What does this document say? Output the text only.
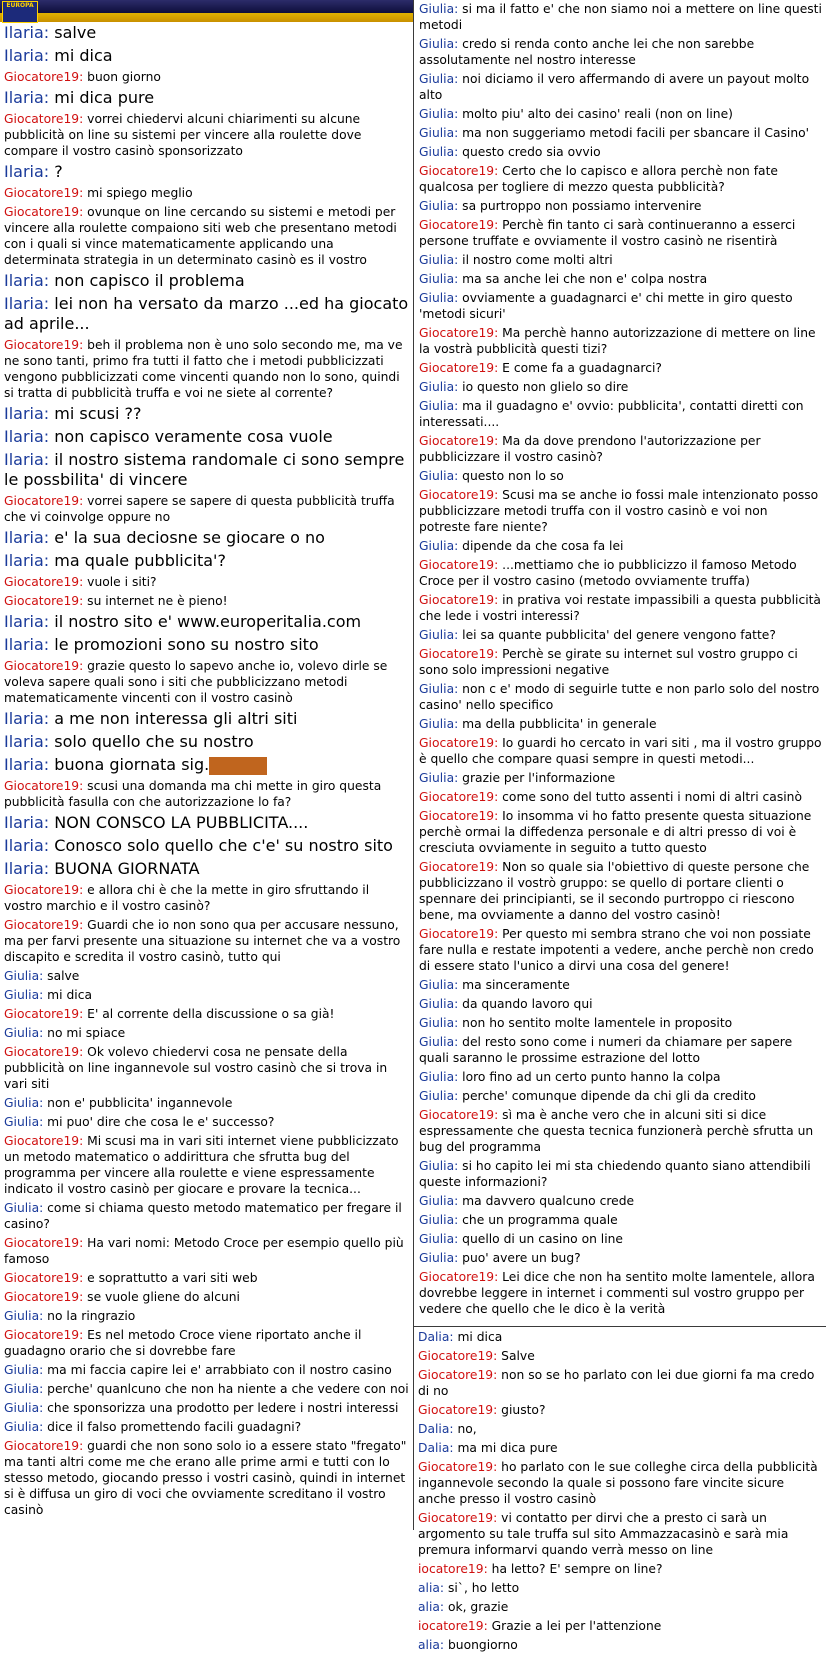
EUROPA
Ilaria: salve
Ilaria: mi dica
Giocatore19: buon giorno
Ilaria: mi dica pure
Giocatore19: vorrei chiedervi alcuni chiarimenti su alcune pubblicità on line su sistemi per vincere alla roulette dove compare il vostro casinò sponsorizzato
Ilaria: ?
Giocatore19: mi spiego meglio
Giocatore19: ovunque on line cercando su sistemi e metodi per vincere alla roulette compaiono siti web che presentano metodi con i quali si vince matematicamente applicando una determinata strategia in un determinato casinò es il vostro
Ilaria: non capisco il problema
Ilaria: lei non ha versato da marzo ...ed ha giocato ad aprile...
Giocatore19: beh il problema non è uno solo secondo me, ma ve ne sono tanti, primo fra tutti il fatto che i metodi pubblicizzati vengono pubblicizzati come vincenti quando non lo sono, quindi si tratta di pubblicità truffa e voi ne siete al corrente?
Ilaria: mi scusi ??
Ilaria: non capisco veramente cosa vuole
Ilaria: il nostro sistema randomale ci sono sempre le possbilita' di vincere
Giocatore19: vorrei sapere se sapere di questa pubblicità truffa che vi coinvolge oppure no
Ilaria: e' la sua deciosne se giocare o no
Ilaria: ma quale pubblicita'?
Giocatore19: vuole i siti?
Giocatore19: su internet ne è pieno!
Ilaria: il nostro sito e' www.europeritalia.com
Ilaria: le promozioni sono su nostro sito
Giocatore19: grazie questo lo sapevo anche io, volevo dirle se voleva sapere quali sono i siti che pubblicizzano metodi matematicamente vincenti con il vostro casinò
Ilaria: a me non interessa gli altri siti
Ilaria: solo quello che su nostro
Ilaria: buona giornata sig.
Giocatore19: scusi una domanda ma chi mette in giro questa pubblicità fasulla con che autorizzazione lo fa?
Ilaria: NON CONSCO LA PUBBLICITA....
Ilaria: Conosco solo quello che c'e' su nostro sito
Ilaria: BUONA GIORNATA
Giocatore19: e allora chi è che la mette in giro sfruttando il vostro marchio e il vostro casinò?
Giocatore19: Guardi che io non sono qua per accusare nessuno, ma per farvi presente una situazione su internet che va a vostro discapito e scredita il vostro casinò, tutto qui
Giulia: salve
Giulia: mi dica
Giocatore19: E' al corrente della discussione o sa già!
Giulia: no mi spiace
Giocatore19: Ok volevo chiedervi cosa ne pensate della pubblicità on line ingannevole sul vostro casinò che si trova in vari siti
Giulia: non e' pubblicita' ingannevole
Giulia: mi puo' dire che cosa le e' successo?
Giocatore19: Mi scusi ma in vari siti internet viene pubblicizzato un metodo matematico o addirittura che sfrutta bug del programma per vincere alla roulette e viene espressamente indicato il vostro casinò per giocare e provare la tecnica...
Giulia: come si chiama questo metodo matematico per fregare il casino?
Giocatore19: Ha vari nomi: Metodo Croce per esempio quello più famoso
Giocatore19: e soprattutto a vari siti web
Giocatore19: se vuole gliene do alcuni
Giulia: no la ringrazio
Giocatore19: Es nel metodo Croce viene riportato anche il guadagno orario che si dovrebbe fare
Giulia: ma mi faccia capire lei e' arrabbiato con il nostro casino
Giulia: perche' quanlcuno che non ha niente a che vedere con noi
Giulia: che sponsorizza una prodotto per ledere i nostri interessi
Giulia: dice il falso promettendo facili guadagni?
Giocatore19: guardi che non sono solo io a essere stato "fregato" ma tanti altri come me che erano alle prime armi e tutti con lo stesso metodo, giocando presso i vostri casinò, quindi in internet si è diffusa un giro di voci che ovviamente screditano il vostro casinò
Giulia: si ma il fatto e' che non siamo noi a mettere on line questi metodi
Giulia: credo si renda conto anche lei che non sarebbe assolutamente nel nostro interesse
Giulia: noi diciamo il vero affermando di avere un payout molto alto
Giulia: molto piu' alto dei casino' reali (non on line)
Giulia: ma non suggeriamo metodi facili per sbancare il Casino'
Giulia: questo credo sia ovvio
Giocatore19: Certo che lo capisco e allora perchè non fate qualcosa per togliere di mezzo questa pubblicità?
Giulia: sa purtroppo non possiamo intervenire
Giocatore19: Perchè fin tanto ci sarà continueranno a esserci persone truffate e ovviamente il vostro casinò ne risentirà
Giulia: il nostro come molti altri
Giulia: ma sa anche lei che non e' colpa nostra
Giulia: ovviamente a guadagnarci e' chi mette in giro questo 'metodi sicuri'
Giocatore19: Ma perchè hanno autorizzazione di mettere on line la vostrà pubblicità questi tizi?
Giocatore19: E come fa a guadagnarci?
Giulia: io questo non glielo so dire
Giulia: ma il guadagno e' ovvio: pubblicita', contatti diretti con interessati....
Giocatore19: Ma da dove prendono l'autorizzazione per pubblicizzare il vostro casinò?
Giulia: questo non lo so
Giocatore19: Scusi ma se anche io fossi male intenzionato posso pubblicizzare metodi truffa con il vostro casinò e voi non potreste fare niente?
Giulia: dipende da che cosa fa lei
Giocatore19: ...mettiamo che io pubblicizzo il famoso Metodo Croce per il vostro casino (metodo ovviamente truffa)
Giocatore19: in prativa voi restate impassibili a questa pubblicità che lede i vostri interessi?
Giulia: lei sa quante pubblicita' del genere vengono fatte?
Giocatore19: Perchè se girate su internet sul vostro gruppo ci sono solo impressioni negative
Giulia: non c e' modo di seguirle tutte e non parlo solo del nostro casino' nello specifico
Giulia: ma della pubblicita' in generale
Giocatore19: Io guardi ho cercato in vari siti , ma il vostro gruppo è quello che compare quasi sempre in questi metodi...
Giulia: grazie per l'informazione
Giocatore19: come sono del tutto assenti i nomi di altri casinò
Giocatore19: Io insomma vi ho fatto presente questa situazione perchè ormai la diffedenza personale e di altri presso di voi è cresciuta ovviamente in seguito a tutto questo
Giocatore19: Non so quale sia l'obiettivo di queste persone che pubblicizzano il vostrò gruppo: se quello di portare clienti o spennare dei principianti, se il secondo purtroppo ci riescono bene, ma ovviamente a danno del vostro casinò!
Giocatore19: Per questo mi sembra strano che voi non possiate fare nulla e restate impotenti a vedere, anche perchè non credo di essere stato l'unico a dirvi una cosa del genere!
Giulia: ma sinceramente
Giulia: da quando lavoro qui
Giulia: non ho sentito molte lamentele in proposito
Giulia: del resto sono come i numeri da chiamare per sapere quali saranno le prossime estrazione del lotto
Giulia: loro fino ad un certo punto hanno la colpa
Giulia: perche' comunque dipende da chi gli da credito
Giocatore19: sì ma è anche vero che in alcuni siti si dice espressamente che questa tecnica funzionerà perchè sfrutta un bug del programma
Giulia: si ho capito lei mi sta chiedendo quanto siano attendibili queste informazioni?
Giulia: ma davvero qualcuno crede
Giulia: che un programma quale
Giulia: quello di un casino on line
Giulia: puo' avere un bug?
Giocatore19: Lei dice che non ha sentito molte lamentele, allora dovrebbe leggere in internet i commenti sul vostro gruppo per vedere che quello che le dico è la verità
Dalia: mi dica
Giocatore19: Salve
Giocatore19: non so se ho parlato con lei due giorni fa ma credo di no
Giocatore19: giusto?
Dalia: no,
Dalia: ma mi dica pure
Giocatore19: ho parlato con le sue colleghe circa della pubblicità ingannevole secondo la quale si possono fare vincite sicure anche presso il vostro casinò
Giocatore19: vi contatto per dirvi che a presto ci sarà un argomento su tale truffa sul sito Ammazzacasinò e sarà mia premura informarvi quando verrà messo on line
iocatore19: ha letto? E' sempre on line?
alia: si`, ho letto
alia: ok, grazie
iocatore19: Grazie a lei per l'attenzione
alia: buongiorno
